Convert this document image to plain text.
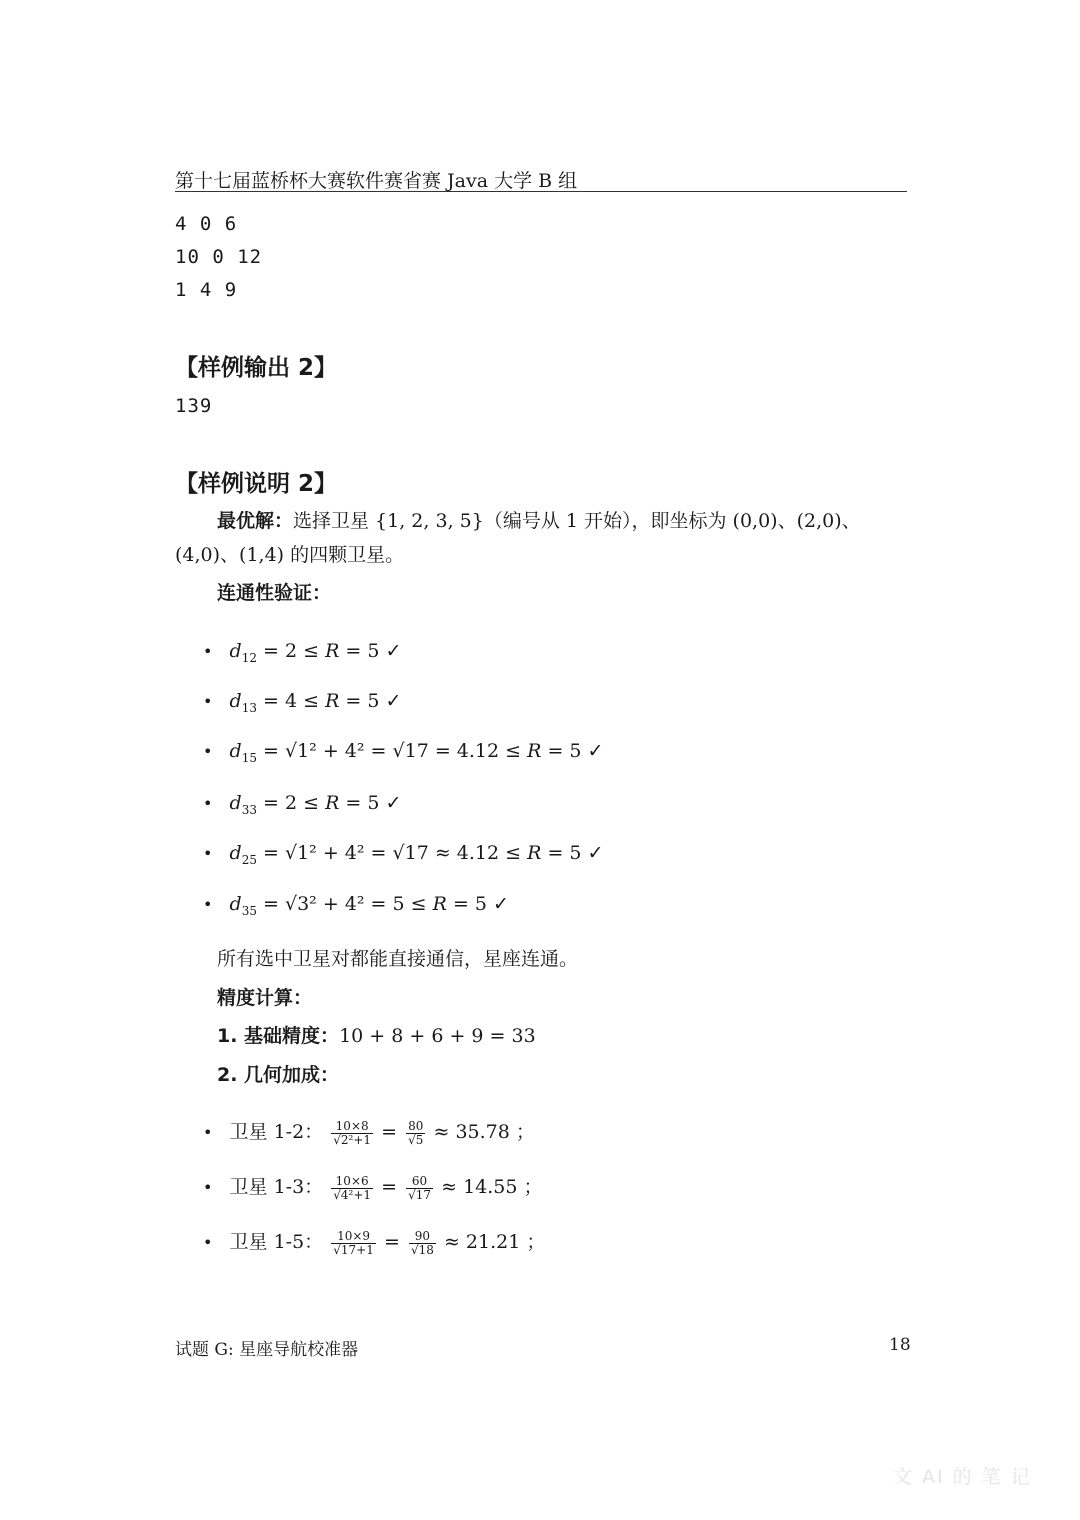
第十七届蓝桥杯大赛软件赛省赛 Java 大学 B 组
4 0 6
10 0 12
1 4 9
【样例输出 2】
139
【样例说明 2】
最优解：选择卫星 {1, 2, 3, 5}（编号从 1 开始），即坐标为 (0,0)、(2,0)、
(4,0)、(1,4) 的四颗卫星。
连通性验证：
• $d_{12} = 2 \le R = 5$ ✓
• $d_{13} = 4 \le R = 5$ ✓
• $d_{15} = √1^2 + 4^2 = √17 = 4.12 \le R = 5$ ✓
• $d_{33} = 2 \le R = 5$ ✓
• $d_{25} = √1^2 + 4^2 = √17 \approx 4.12 \le R = 5$ ✓
• $d_{35} = √3^2 + 4^2 = 5 \le R = 5$ ✓
所有选中卫星对都能直接通信，星座连通。
精度计算：
1. 基础精度：10 + 8 + 6 + 9 = 33
2. 几何加成：
• 卫星 1-2： $\frac{10\times 8}{\text{√2²+1}} = \frac{80}{√5} \approx 35.78$ ；
• 卫星 1-3： $\frac{10\times 6}{\text{√4²+1}} = \frac{60}{√17} \approx 14.55$ ；
• 卫星 1-5： $\frac{10\times 9}{√17+1} = \frac{90}{√18} \approx 21.21$ ；
试题 G: 星座导航校准器	18
文 AI 的 笔 记
